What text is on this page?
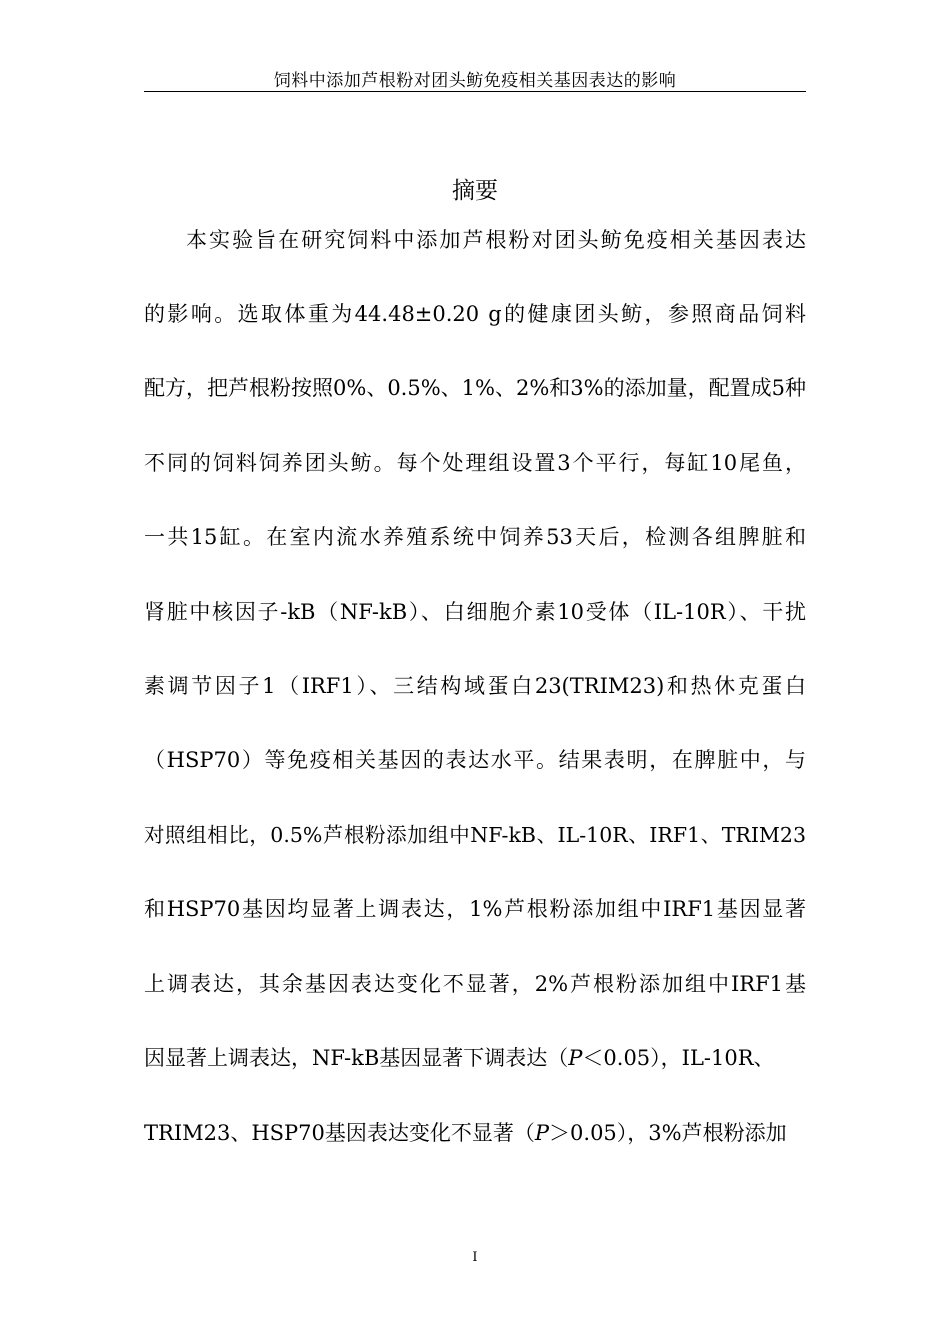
饲料中添加芦根粉对团头鲂免疫相关基因表达的影响
摘要
本实验旨在研究饲料中添加芦根粉对团头鲂免疫相关基因表达
的影响。选取体重为44.48±0.20 g的健康团头鲂，参照商品饲料
配方，把芦根粉按照0%、0.5%、1%、2%和3%的添加量，配置成5种
不同的饲料饲养团头鲂。每个处理组设置3个平行，每缸10尾鱼，
一共15缸。在室内流水养殖系统中饲养53天后，检测各组脾脏和
肾脏中核因子-kB（NF-kB）、白细胞介素10受体（IL-10R）、干扰
素调节因子1（IRF1）、三结构域蛋白23(TRIM23)和热休克蛋白
（HSP70）等免疫相关基因的表达水平。结果表明，在脾脏中，与
对照组相比，0.5%芦根粉添加组中NF-kB、IL-10R、IRF1、TRIM23
和HSP70基因均显著上调表达，1%芦根粉添加组中IRF1基因显著
上调表达，其余基因表达变化不显著，2%芦根粉添加组中IRF1基
因显著上调表达，NF-kB基因显著下调表达（P＜0.05），IL-10R、
TRIM23、HSP70基因表达变化不显著（P＞0.05），3%芦根粉添加
I
